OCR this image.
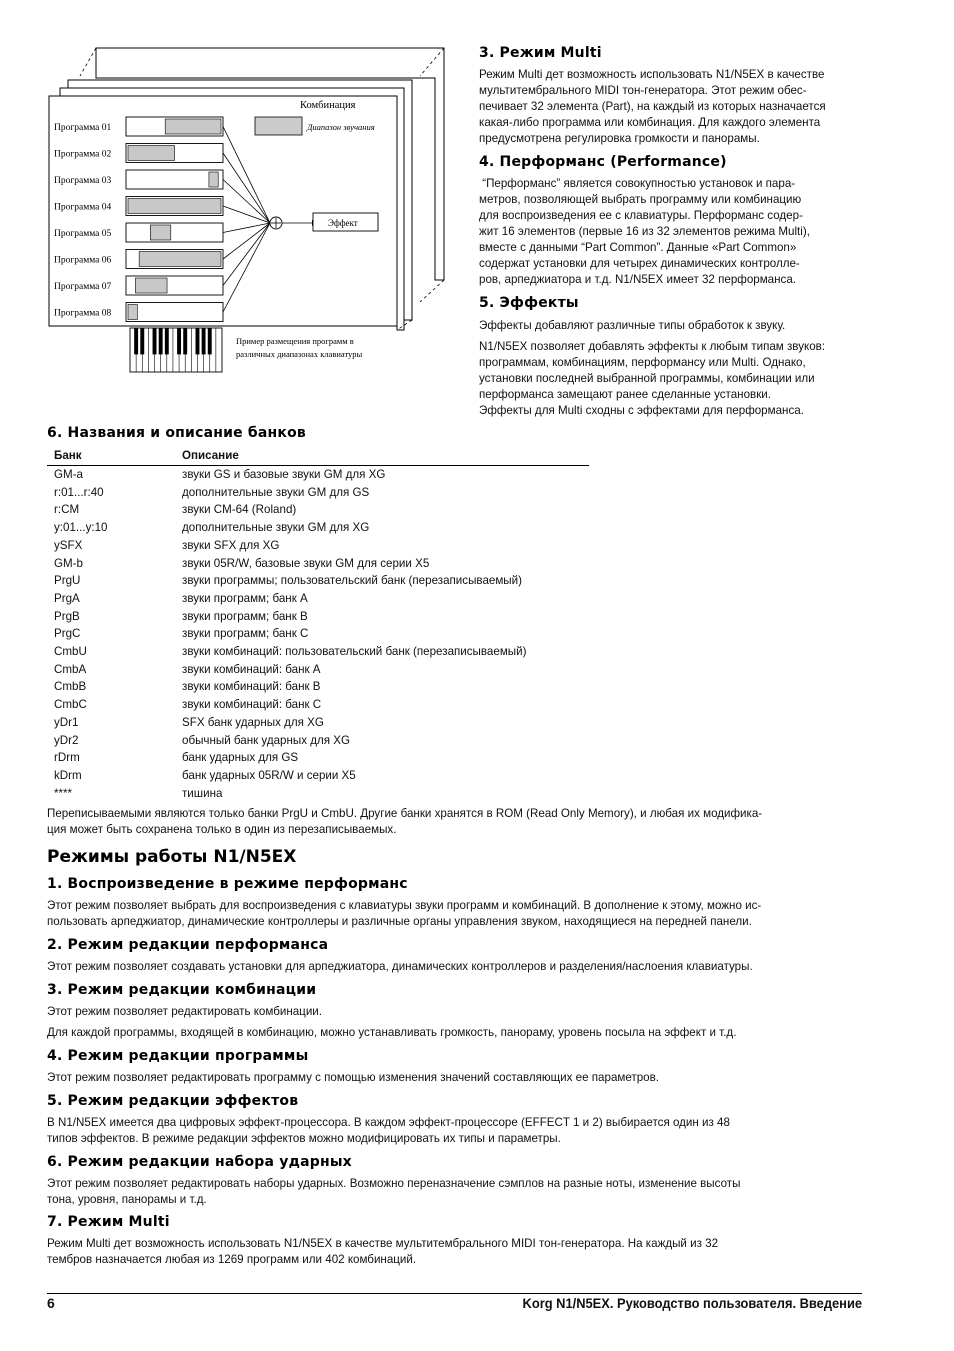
Комбинация
Диапазон звучания
Программа 01
Программа 02
Программа 03
Программа 04
Программа 05
Программа 06
Программа 07
Программа 08
Эффект
Пример размещения программ в
различных диапазонах клавиатуры
3. Режим Multi
Режим Multi дет возможность использовать N1/N5EX в качестве
мультитембрального MIDI тон-генератора. Этот режим обес-
печивает 32 элемента (Part), на каждый из которых назначается
какая-либо программа или комбинация. Для каждого элемента
предусмотрена регулировка громкости и панорамы.
4. Перформанс (Performance)
“Перформанс” является совокупностью установок и пара-
метров, позволяющей выбрать программу или комбинацию
для воспроизведения ее с клавиатуры. Перформанс содер-
жит 16 элементов (первые 16 из 32 элементов режима Multi),
вместе с данными “Part Common”. Данные «Part Common»
содержат установки для четырех динамических контролле-
ров, арпеджиатора и т.д. N1/N5EX имеет 32 перформанса.
5. Эффекты
Эффекты добавляют различные типы обработок к звуку.
N1/N5EX позволяет добавлять эффекты к любым типам звуков:
программам, комбинациям, перформансу или Multi. Однако,
установки последней выбранной программы, комбинации или
перформанса замещают ранее сделанные установки.
Эффекты для Multi сходны с эффектами для перформанса.
6. Названия и описание банков
Банк	Описание
GM-a	звуки GS и базовые звуки GM для XG
r:01...r:40	дополнительные звуки GM для GS
r:CM	звуки CM-64 (Roland)
y:01...y:10	дополнительные звуки GM для XG
ySFX	звуки SFX для XG
GM-b	звуки 05R/W, базовые звуки GM для серии X5
PrgU	звуки программы; пользовательский банк (перезаписываемый)
PrgA	звуки программ; банк A
PrgB	звуки программ; банк B
PrgC	звуки программ; банк C
CmbU	звуки комбинаций: пользовательский банк (перезаписываемый)
CmbA	звуки комбинаций: банк A
CmbB	звуки комбинаций: банк B
CmbC	звуки комбинаций: банк C
yDr1	SFX банк ударных для XG
yDr2	обычный банк ударных для XG
rDrm	банк ударных для GS
kDrm	банк ударных 05R/W и серии X5
****	тишина
Переписываемыми являются только банки PrgU и CmbU. Другие банки хранятся в ROM (Read Only Memory), и любая их модифика-
ция может быть сохранена только в один из перезаписываемых.
Режимы работы N1/N5EX
1. Воспроизведение в режиме перформанс
Этот режим позволяет выбрать для воспроизведения с клавиатуры звуки программ и комбинаций. В дополнение к этому, можно ис-
пользовать арпеджиатор, динамические контроллеры и различные органы управления звуком, находящиеся на передней панели.
2. Режим редакции перформанса
Этот режим позволяет создавать установки для арпеджиатора, динамических контроллеров и разделения/наслоения клавиатуры.
3. Режим редакции комбинации
Этот режим позволяет редактировать комбинации.
Для каждой программы, входящей в комбинацию, можно устанавливать громкость, панораму, уровень посыла на эффект и т.д.
4. Режим редакции программы
Этот режим позволяет редактировать программу с помощью изменения значений составляющих ее параметров.
5. Режим редакции эффектов
В N1/N5EX имеется два цифровых эффект-процессора. В каждом эффект-процессоре (EFFECT 1 и 2) выбирается один из 48
типов эффектов. В режиме редакции эффектов можно модифицировать их типы и параметры.
6. Режим редакции набора ударных
Этот режим позволяет редактировать наборы ударных. Возможно переназначение сэмплов на разные ноты, изменение высоты
тона, уровня, панорамы и т.д.
7. Режим Multi
Режим Multi дет возможность использовать N1/N5EX в качестве мультитембрального MIDI тон-генератора. На каждый из 32
тембров назначается любая из 1269 программ или 402 комбинаций.
6	Korg N1/N5EX. Руководство пользователя. Введение
